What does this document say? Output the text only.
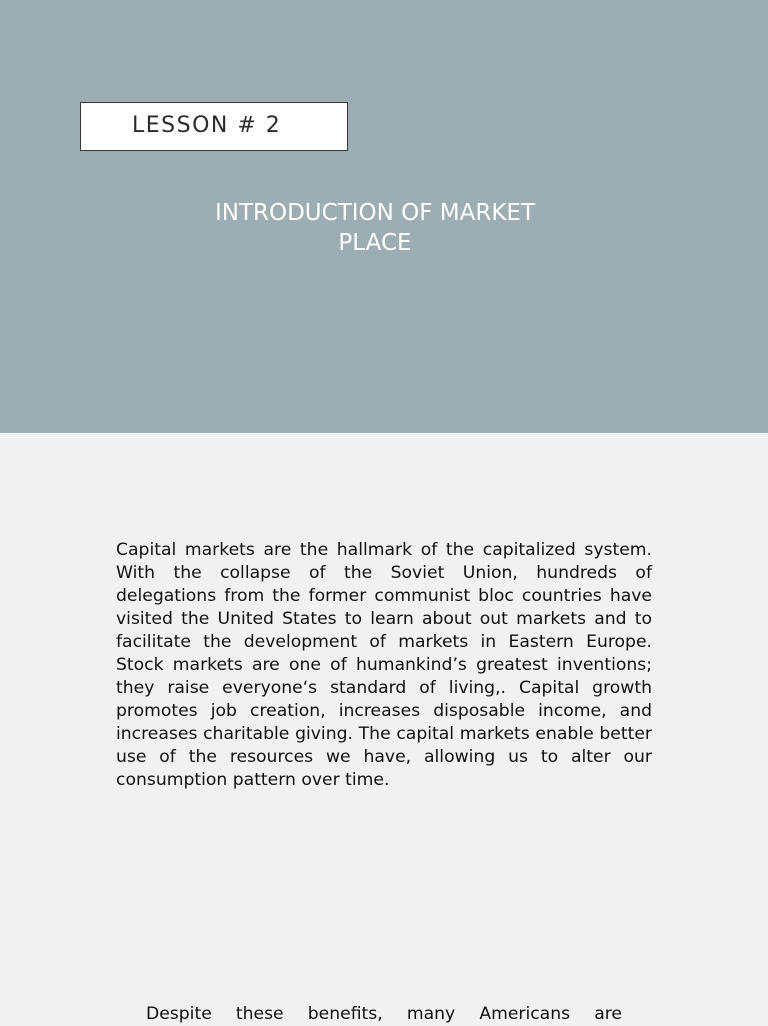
LESSON # 2
INTRODUCTION OF MARKET PLACE

Capital markets are the hallmark of the capitalized system. With the collapse of the Soviet Union, hundreds of delegations from the former communist bloc countries have visited the United States to learn about out markets and to facilitate the development of markets in Eastern Europe. Stock markets are one of humankind’s greatest inventions; they raise everyone‘s standard of living,. Capital growth promotes job creation, increases disposable income, and increases charitable giving. The capital markets enable better use of the resources we have, allowing us to alter our consumption pattern over time.

Despite these benefits, many Americans are
